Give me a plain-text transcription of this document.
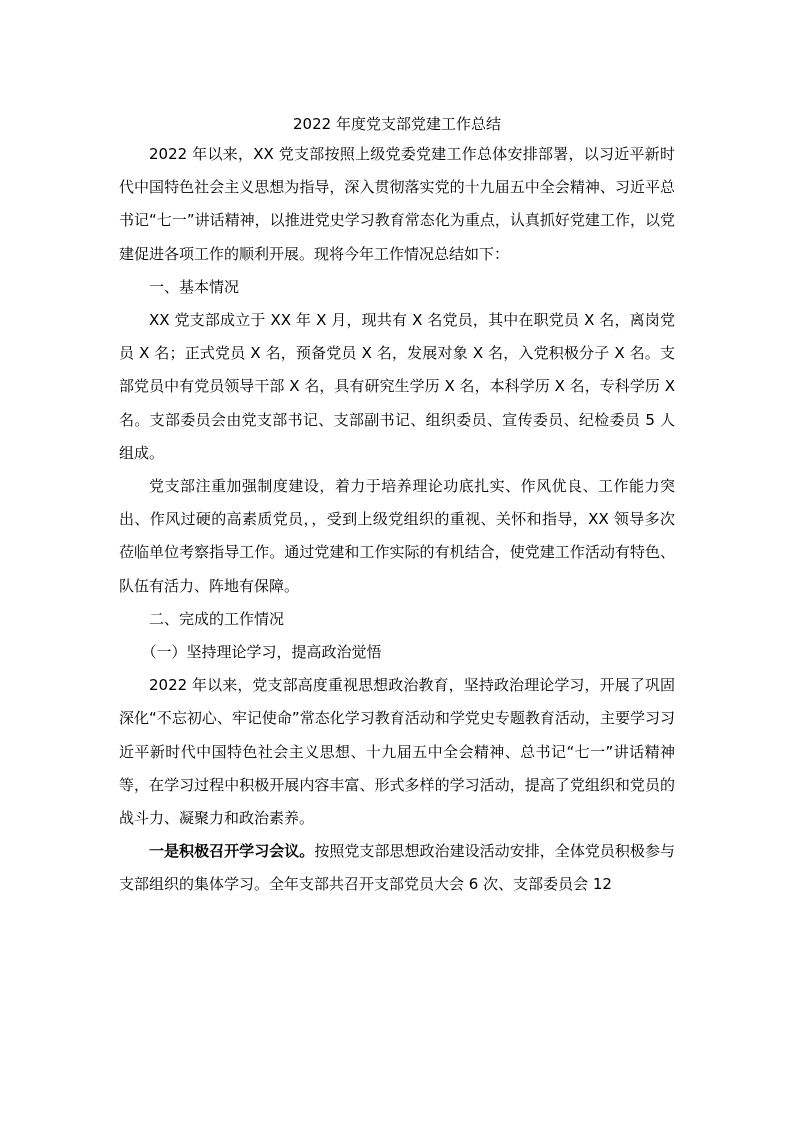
2022 年度党支部党建工作总结

2022 年以来，XX 党支部按照上级党委党建工作总体安排部署，以习近平新时代中国特色社会主义思想为指导，深入贯彻落实党的十九届五中全会精神、习近平总书记“七一”讲话精神，以推进党史学习教育常态化为重点，认真抓好党建工作，以党建促进各项工作的顺利开展。现将今年工作情况总结如下：

一、基本情况

XX 党支部成立于 XX 年 X 月，现共有 X 名党员，其中在职党员 X 名，离岗党员 X 名；正式党员 X 名，预备党员 X 名，发展对象 X 名，入党积极分子 X 名。支部党员中有党员领导干部 X 名，具有研究生学历 X 名，本科学历 X 名，专科学历 X 名。支部委员会由党支部书记、支部副书记、组织委员、宣传委员、纪检委员 5 人组成。

党支部注重加强制度建设，着力于培养理论功底扎实、作风优良、工作能力突出、作风过硬的高素质党员，，受到上级党组织的重视、关怀和指导，XX 领导多次莅临单位考察指导工作。通过党建和工作实际的有机结合，使党建工作活动有特色、队伍有活力、阵地有保障。

二、完成的工作情况

（一）坚持理论学习，提高政治觉悟

2022 年以来，党支部高度重视思想政治教育，坚持政治理论学习，开展了巩固深化“不忘初心、牢记使命”常态化学习教育活动和学党史专题教育活动，主要学习习近平新时代中国特色社会主义思想、十九届五中全会精神、总书记“七一”讲话精神等，在学习过程中积极开展内容丰富、形式多样的学习活动，提高了党组织和党员的战斗力、凝聚力和政治素养。

一是积极召开学习会议。按照党支部思想政治建设活动安排，全体党员积极参与支部组织的集体学习。全年支部共召开支部党员大会 6 次、支部委员会 12
